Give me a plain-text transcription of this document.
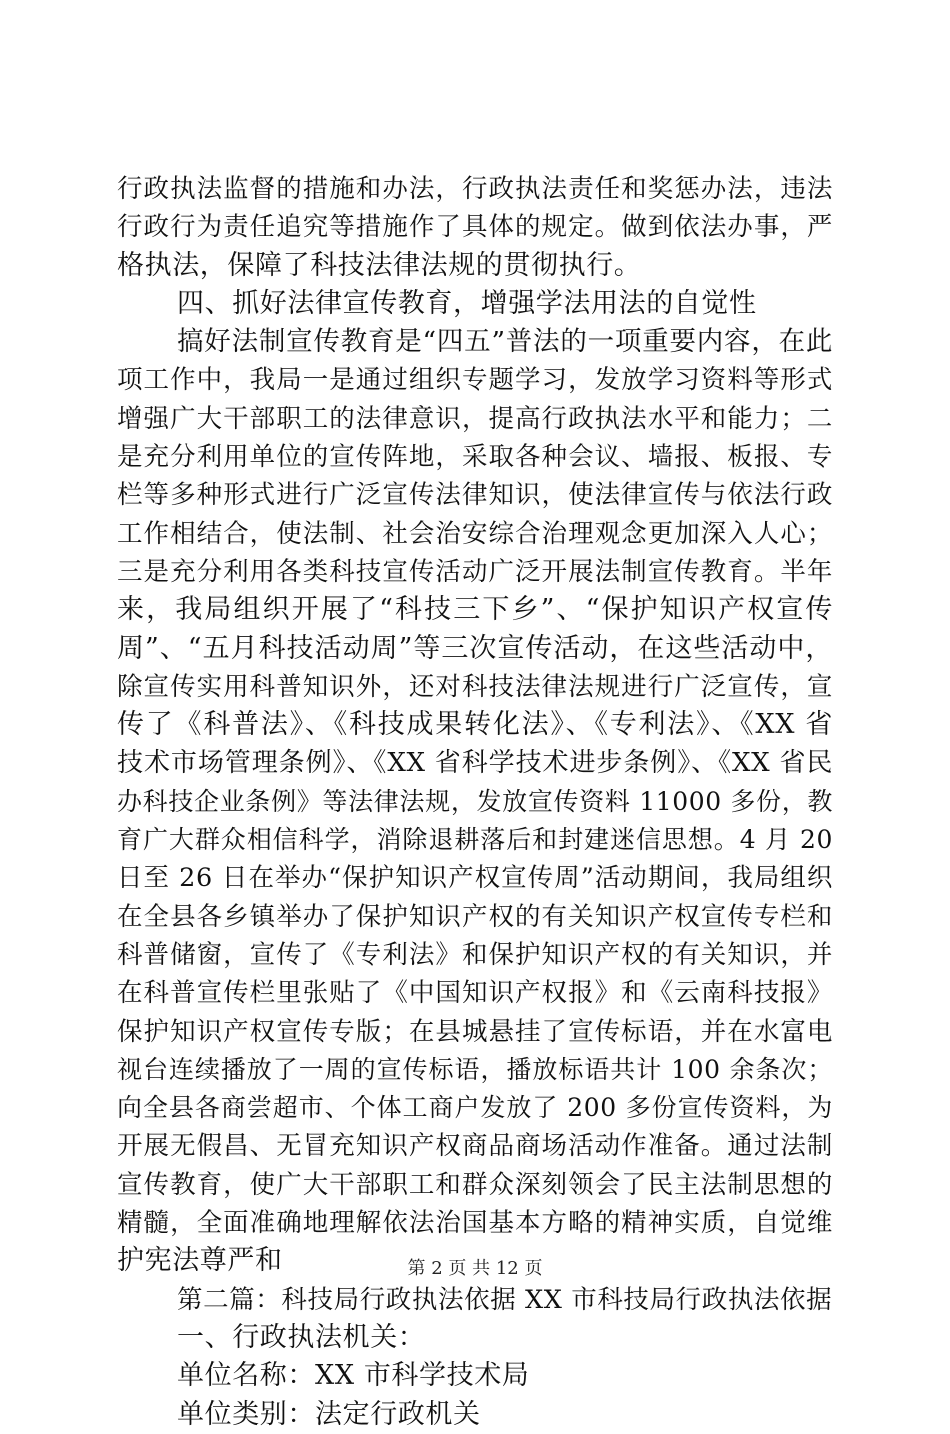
行政执法监督的措施和办法，行政执法责任和奖惩办法，违法
行政行为责任追究等措施作了具体的规定。做到依法办事，严
格执法，保障了科技法律法规的贯彻执行。
四、抓好法律宣传教育，增强学法用法的自觉性
搞好法制宣传教育是“四五”普法的一项重要内容，在此
项工作中，我局一是通过组织专题学习，发放学习资料等形式
增强广大干部职工的法律意识，提高行政执法水平和能力；二
是充分利用单位的宣传阵地，采取各种会议、墙报、板报、专
栏等多种形式进行广泛宣传法律知识，使法律宣传与依法行政
工作相结合，使法制、社会治安综合治理观念更加深入人心；
三是充分利用各类科技宣传活动广泛开展法制宣传教育。半年
来，我局组织开展了“科技三下乡”、“保护知识产权宣传
周”、“五月科技活动周”等三次宣传活动，在这些活动中，
除宣传实用科普知识外，还对科技法律法规进行广泛宣传，宣
传了《科普法》、《科技成果转化法》、《专利法》、《XX 省
技术市场管理条例》、《XX 省科学技术进步条例》、《XX 省民
办科技企业条例》等法律法规，发放宣传资料 11000 多份，教
育广大群众相信科学，消除退耕落后和封建迷信思想。4 月 20
日至 26 日在举办“保护知识产权宣传周”活动期间，我局组织
在全县各乡镇举办了保护知识产权的有关知识产权宣传专栏和
科普储窗，宣传了《专利法》和保护知识产权的有关知识，并
在科普宣传栏里张贴了《中国知识产权报》和《云南科技报》
保护知识产权宣传专版；在县城悬挂了宣传标语，并在水富电
视台连续播放了一周的宣传标语，播放标语共计 100 余条次；
向全县各商尝超市、个体工商户发放了 200 多份宣传资料，为
开展无假昌、无冒充知识产权商品商场活动作准备。通过法制
宣传教育，使广大干部职工和群众深刻领会了民主法制思想的
精髓，全面准确地理解依法治国基本方略的精神实质，自觉维
护宪法尊严和
第二篇：科技局行政执法依据 XX 市科技局行政执法依据
一、行政执法机关：
单位名称：XX 市科学技术局
单位类别：法定行政机关
第 2 页 共 12 页
